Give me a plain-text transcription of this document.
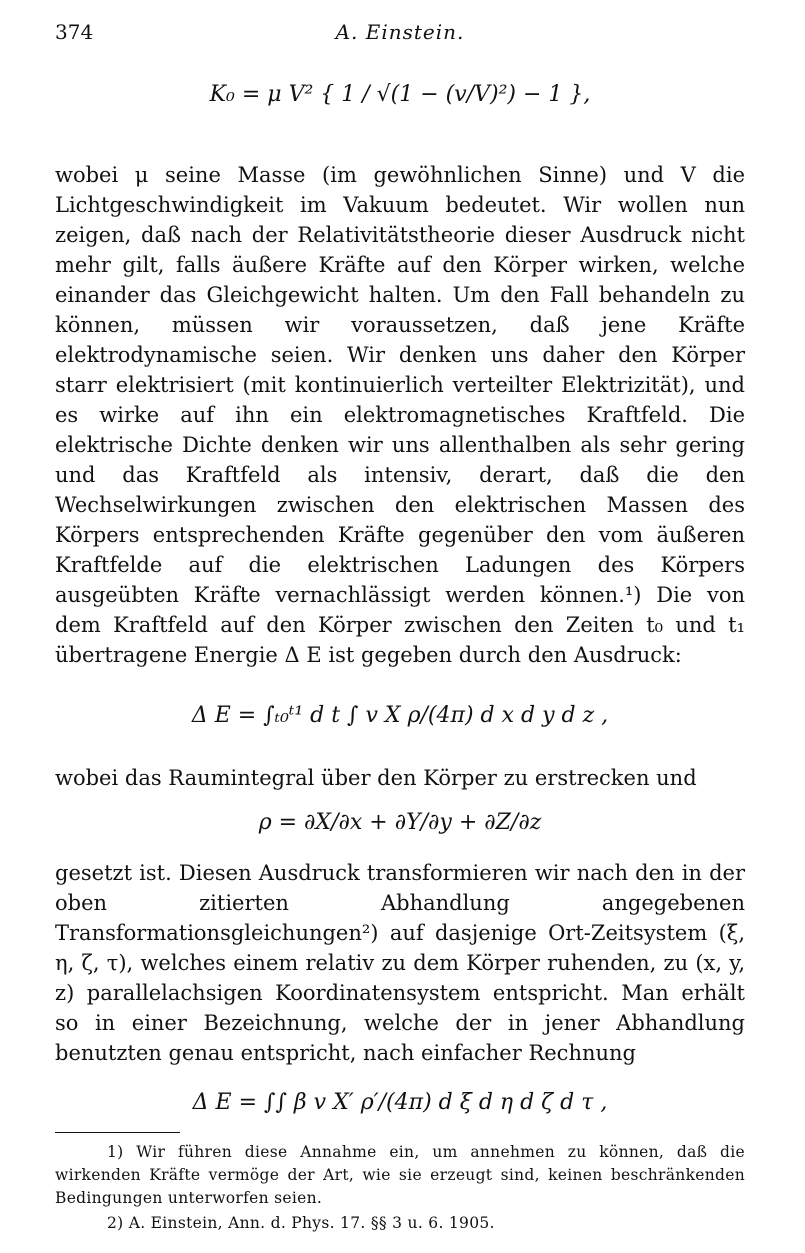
374	A. Einstein.
K₀ = μ V² { 1 / √(1 − (v/V)²) − 1 },

wobei μ seine Masse (im gewöhnlichen Sinne) und V die Lichtgeschwindigkeit im Vakuum bedeutet. Wir wollen nun zeigen, daß nach der Relativitätstheorie dieser Ausdruck nicht mehr gilt, falls äußere Kräfte auf den Körper wirken, welche einander das Gleichgewicht halten. Um den Fall behandeln zu können, müssen wir voraussetzen, daß jene Kräfte elektrodynamische seien. Wir denken uns daher den Körper starr elektrisiert (mit kontinuierlich verteilter Elektrizität), und es wirke auf ihn ein elektromagnetisches Kraftfeld. Die elektrische Dichte denken wir uns allenthalben als sehr gering und das Kraftfeld als intensiv, derart, daß die den Wechselwirkungen zwischen den elektrischen Massen des Körpers entsprechenden Kräfte gegenüber den vom äußeren Kraftfelde auf die elektrischen Ladungen des Körpers ausgeübten Kräfte vernachlässigt werden können.¹) Die von dem Kraftfeld auf den Körper zwischen den Zeiten t₀ und t₁ übertragene Energie Δ E ist gegeben durch den Ausdruck:

Δ E = ∫ₜ₀ᵗ¹ d t ∫ v X ρ/(4π) d x d y d z ,

wobei das Raumintegral über den Körper zu erstrecken und

ρ = ∂X/∂x + ∂Y/∂y + ∂Z/∂z

gesetzt ist. Diesen Ausdruck transformieren wir nach den in der oben zitierten Abhandlung angegebenen Transformationsgleichungen²) auf dasjenige Ort-Zeitsystem (ξ, η, ζ, τ), welches einem relativ zu dem Körper ruhenden, zu (x, y, z) parallelachsigen Koordinatensystem entspricht. Man erhält so in einer Bezeichnung, welche der in jener Abhandlung benutzten genau entspricht, nach einfacher Rechnung

Δ E = ∫∫ β v X′ ρ′/(4π) d ξ d η d ζ d τ ,

1) Wir führen diese Annahme ein, um annehmen zu können, daß die wirkenden Kräfte vermöge der Art, wie sie erzeugt sind, keinen beschränkenden Bedingungen unterworfen seien.

2) A. Einstein, Ann. d. Phys. 17. §§ 3 u. 6. 1905.
